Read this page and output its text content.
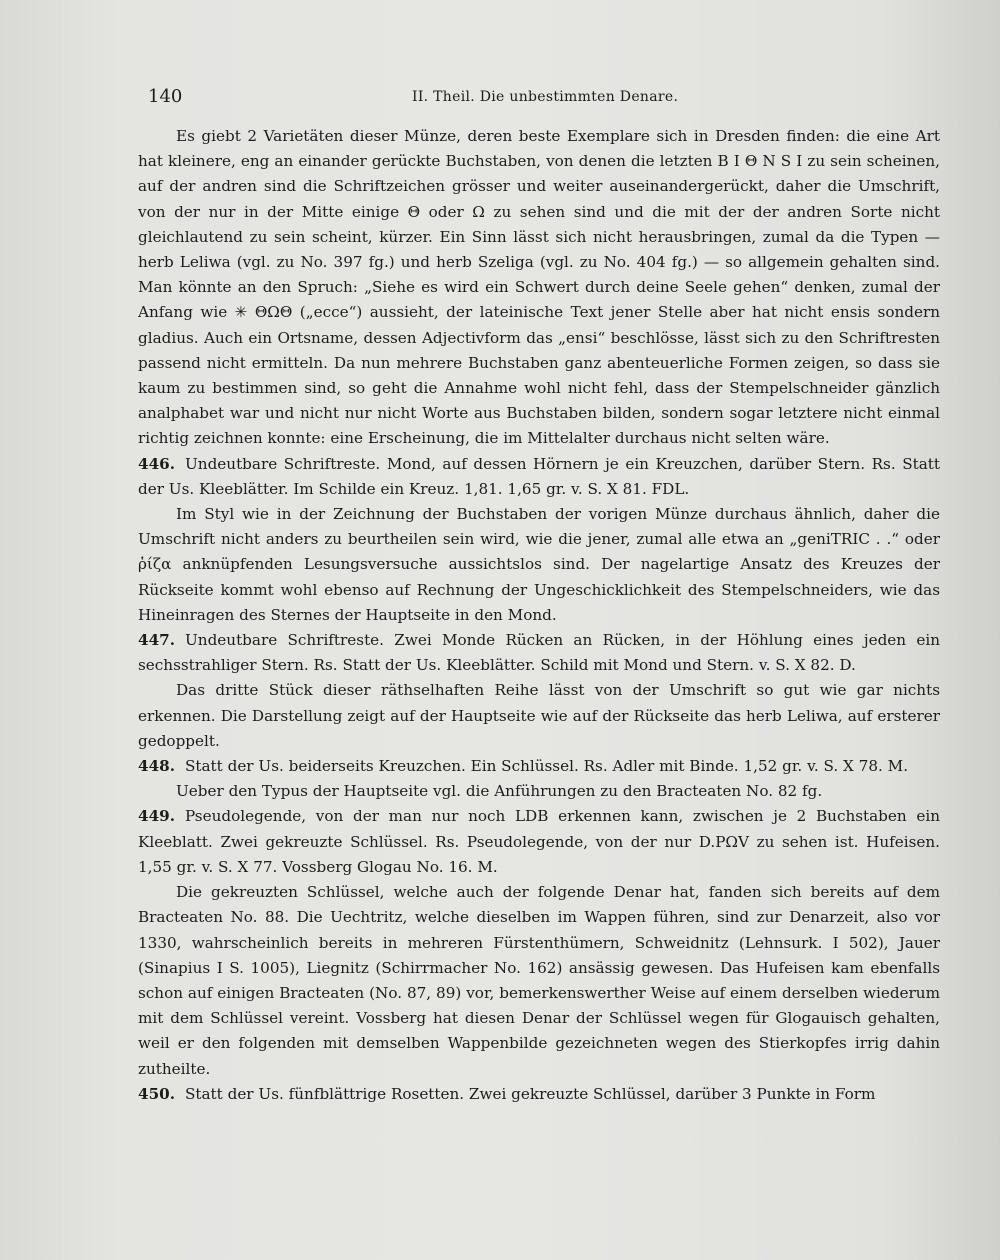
140	II. Theil. Die unbestimmten Denare.

Es giebt 2 Varietäten dieser Münze, deren beste Exemplare sich in Dresden finden: die eine Art hat kleinere, eng an einander gerückte Buchstaben, von denen die letzten B I Θ N S I zu sein scheinen, auf der andren sind die Schriftzeichen grösser und weiter auseinandergerückt, daher die Umschrift, von der nur in der Mitte einige Θ oder Ω zu sehen sind und die mit der der andren Sorte nicht gleichlautend zu sein scheint, kürzer. Ein Sinn lässt sich nicht herausbringen, zumal da die Typen — herb Leliwa (vgl. zu No. 397 fg.) und herb Szeliga (vgl. zu No. 404 fg.) — so allgemein gehalten sind. Man könnte an den Spruch: „Siehe es wird ein Schwert durch deine Seele gehen“ denken, zumal der Anfang wie ✳ ΘΩΘ („ecce“) aussieht, der lateinische Text jener Stelle aber hat nicht ensis sondern gladius. Auch ein Ortsname, dessen Adjectivform das „ensi“ beschlösse, lässt sich zu den Schriftresten passend nicht ermitteln. Da nun mehrere Buchstaben ganz abenteuerliche Formen zeigen, so dass sie kaum zu bestimmen sind, so geht die Annahme wohl nicht fehl, dass der Stempelschneider gänzlich analphabet war und nicht nur nicht Worte aus Buchstaben bilden, sondern sogar letztere nicht einmal richtig zeichnen konnte: eine Erscheinung, die im Mittelalter durchaus nicht selten wäre.

446. Undeutbare Schriftreste. Mond, auf dessen Hörnern je ein Kreuzchen, darüber Stern. Rs. Statt der Us. Kleeblätter. Im Schilde ein Kreuz. 1,81. 1,65 gr. v. S. X 81. FDL.

Im Styl wie in der Zeichnung der Buchstaben der vorigen Münze durchaus ähnlich, daher die Umschrift nicht anders zu beurtheilen sein wird, wie die jener, zumal alle etwa an „geniTRIC . .“ oder ῥίζα anknüpfenden Lesungsversuche aussichtslos sind. Der nagelartige Ansatz des Kreuzes der Rückseite kommt wohl ebenso auf Rechnung der Ungeschicklichkeit des Stempelschneiders, wie das Hineinragen des Sternes der Hauptseite in den Mond.

447. Undeutbare Schriftreste. Zwei Monde Rücken an Rücken, in der Höhlung eines jeden ein sechsstrahliger Stern. Rs. Statt der Us. Kleeblätter. Schild mit Mond und Stern. v. S. X 82. D.

Das dritte Stück dieser räthselhaften Reihe lässt von der Umschrift so gut wie gar nichts erkennen. Die Darstellung zeigt auf der Hauptseite wie auf der Rückseite das herb Leliwa, auf ersterer gedoppelt.

448. Statt der Us. beiderseits Kreuzchen. Ein Schlüssel. Rs. Adler mit Binde. 1,52 gr. v. S. X 78. M.

Ueber den Typus der Hauptseite vgl. die Anführungen zu den Bracteaten No. 82 fg.

449. Pseudolegende, von der man nur noch LDB erkennen kann, zwischen je 2 Buchstaben ein Kleeblatt. Zwei gekreuzte Schlüssel. Rs. Pseudolegende, von der nur D.PΩV zu sehen ist. Hufeisen. 1,55 gr. v. S. X 77. Vossberg Glogau No. 16. M.

Die gekreuzten Schlüssel, welche auch der folgende Denar hat, fanden sich bereits auf dem Bracteaten No. 88. Die Uechtritz, welche dieselben im Wappen führen, sind zur Denarzeit, also vor 1330, wahrscheinlich bereits in mehreren Fürstenthümern, Schweidnitz (Lehnsurk. I 502), Jauer (Sinapius I S. 1005), Liegnitz (Schirrmacher No. 162) ansässig gewesen. Das Hufeisen kam ebenfalls schon auf einigen Bracteaten (No. 87, 89) vor, bemerkenswerther Weise auf einem derselben wiederum mit dem Schlüssel vereint. Vossberg hat diesen Denar der Schlüssel wegen für Glogauisch gehalten, weil er den folgenden mit demselben Wappenbilde gezeichneten wegen des Stierkopfes irrig dahin zutheilte.

450. Statt der Us. fünfblättrige Rosetten. Zwei gekreuzte Schlüssel, darüber 3 Punkte in Form
